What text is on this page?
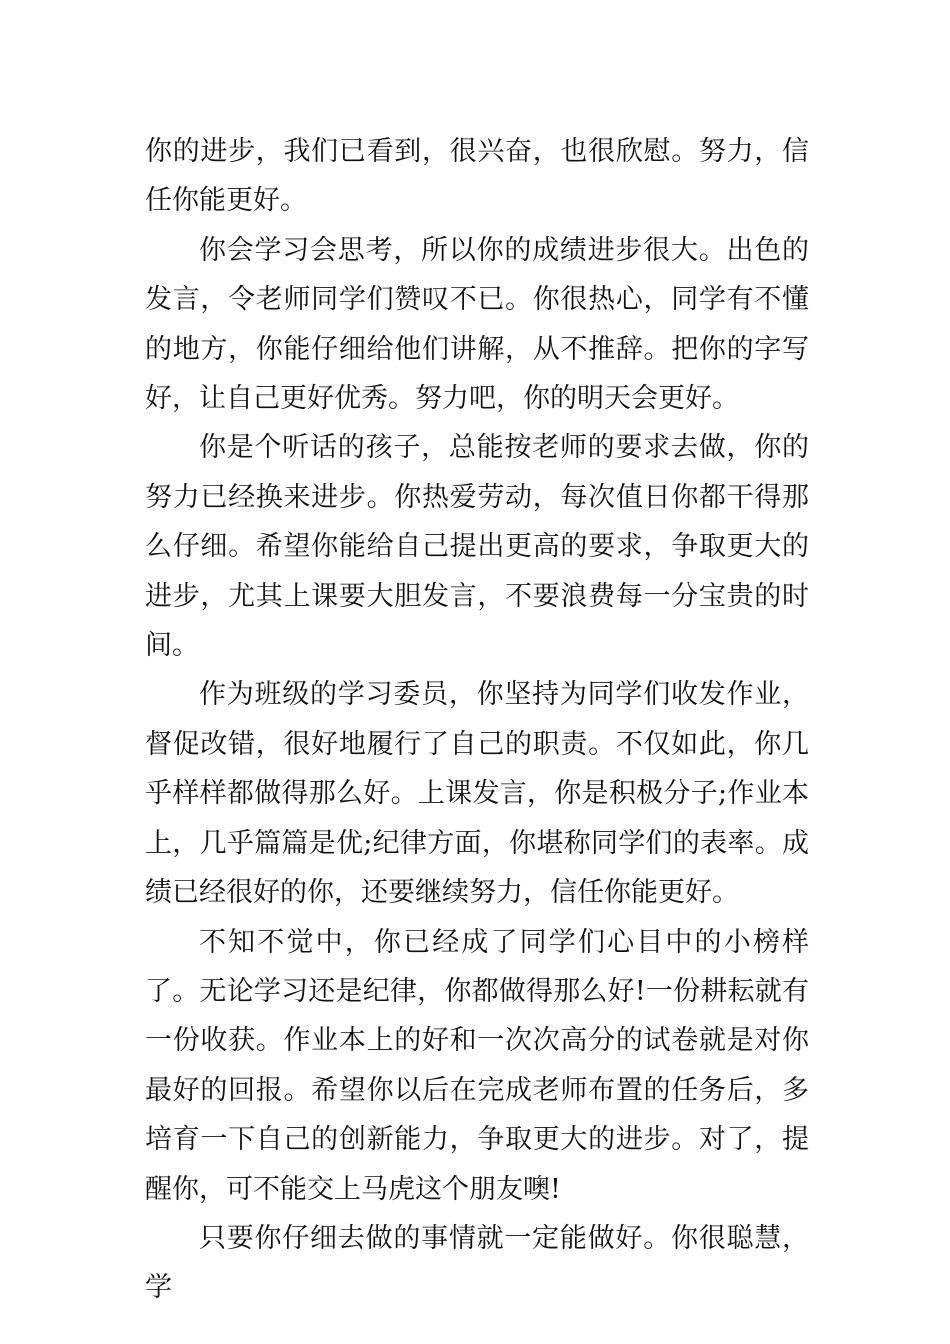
你的进步，我们已看到，很兴奋，也很欣慰。努力，信任你能更好。

你会学习会思考，所以你的成绩进步很大。出色的发言，令老师同学们赞叹不已。你很热心，同学有不懂的地方，你能仔细给他们讲解，从不推辞。把你的字写好，让自己更好优秀。努力吧，你的明天会更好。

你是个听话的孩子，总能按老师的要求去做，你的努力已经换来进步。你热爱劳动，每次值日你都干得那么仔细。希望你能给自己提出更高的要求，争取更大的进步，尤其上课要大胆发言，不要浪费每一分宝贵的时间。

作为班级的学习委员，你坚持为同学们收发作业，督促改错，很好地履行了自己的职责。不仅如此，你几乎样样都做得那么好。上课发言，你是积极分子;作业本上，几乎篇篇是优;纪律方面，你堪称同学们的表率。成绩已经很好的你，还要继续努力，信任你能更好。

不知不觉中，你已经成了同学们心目中的小榜样了。无论学习还是纪律，你都做得那么好!一份耕耘就有一份收获。作业本上的好和一次次高分的试卷就是对你最好的回报。希望你以后在完成老师布置的任务后，多培育一下自己的创新能力，争取更大的进步。对了，提醒你，可不能交上马虎这个朋友噢!

只要你仔细去做的事情就一定能做好。你很聪慧，学
